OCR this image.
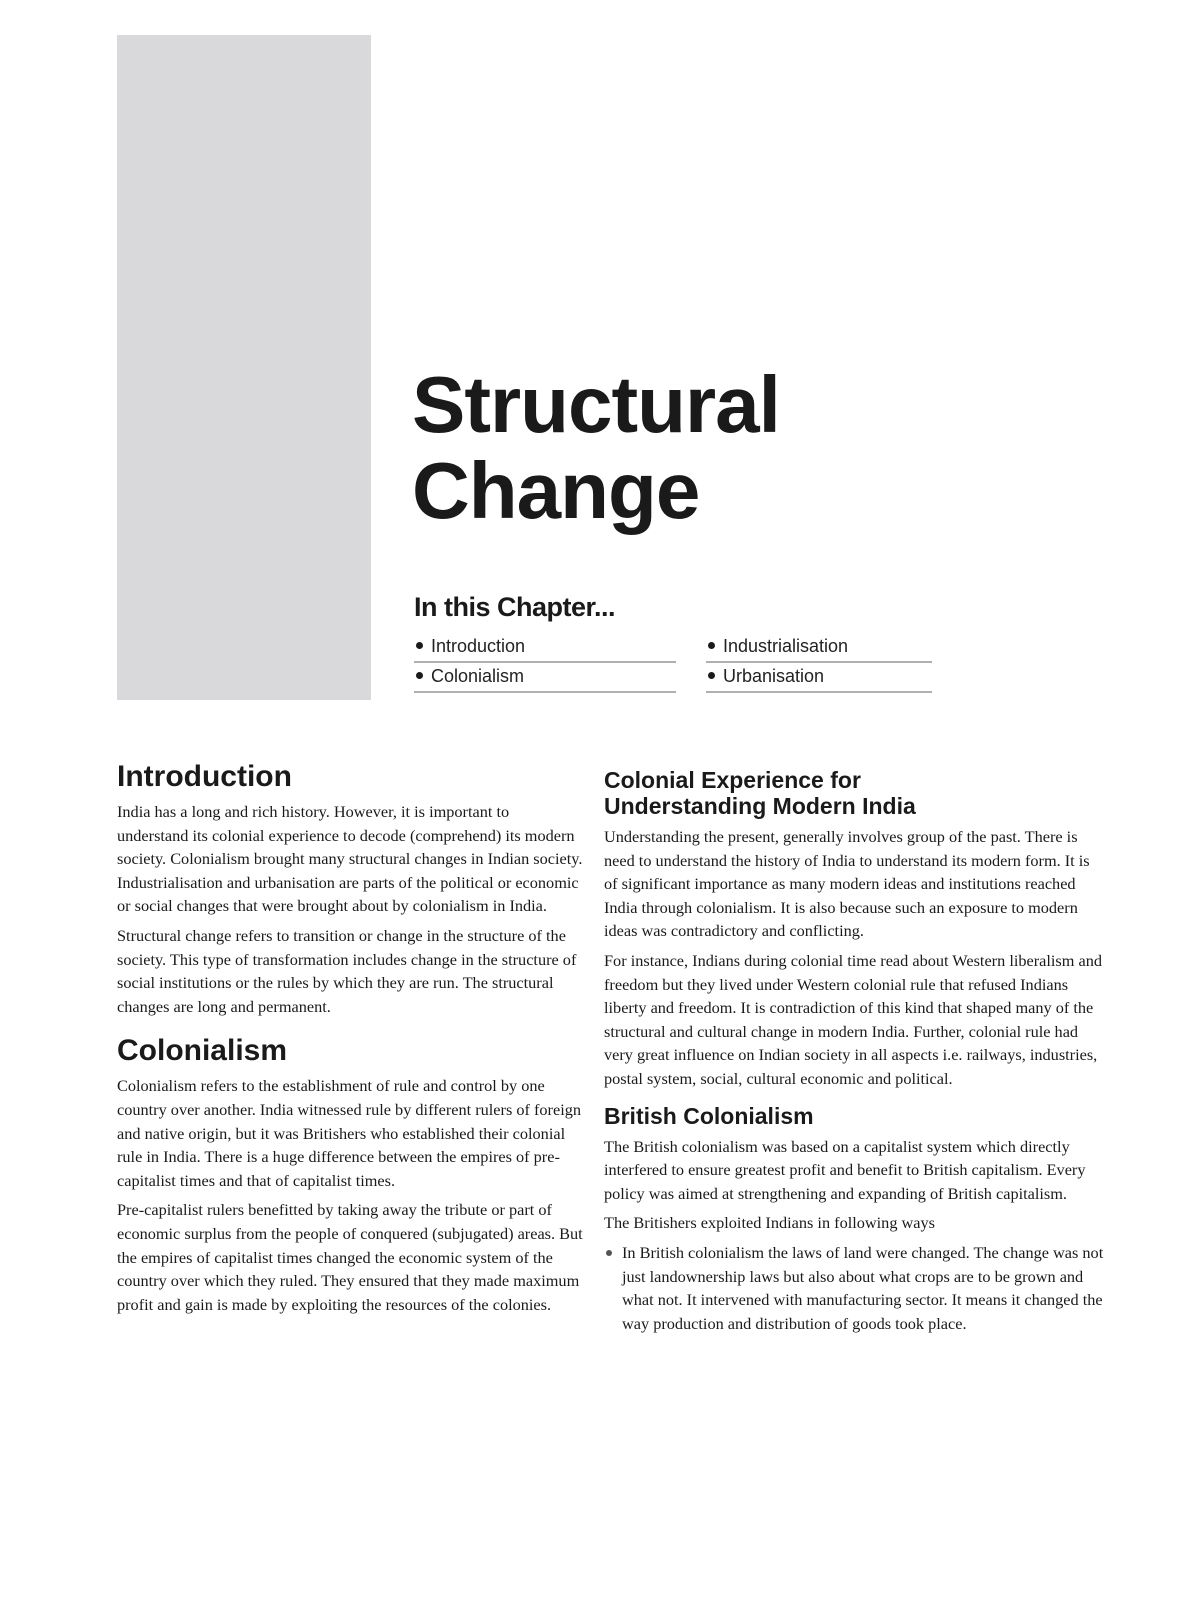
Structural
Change
In this Chapter...
Introduction
Colonialism
Industrialisation
Urbanisation
Introduction

India has a long and rich history. However, it is important to understand its colonial experience to decode (comprehend) its modern society. Colonialism brought many structural changes in Indian society. Industrialisation and urbanisation are parts of the political or economic or social changes that were brought about by colonialism in India.

Structural change refers to transition or change in the structure of the society. This type of transformation includes change in the structure of social institutions or the rules by which they are run. The structural changes are long and permanent.

Colonialism

Colonialism refers to the establishment of rule and control by one country over another. India witnessed rule by different rulers of foreign and native origin, but it was Britishers who established their colonial rule in India. There is a huge difference between the empires of pre-capitalist times and that of capitalist times.

Pre-capitalist rulers benefitted by taking away the tribute or part of economic surplus from the people of conquered (subjugated) areas. But the empires of capitalist times changed the economic system of the country over which they ruled. They ensured that they made maximum profit and gain is made by exploiting the resources of the colonies.

Colonial Experience for
Understanding Modern India

Understanding the present, generally involves group of the past. There is need to understand the history of India to understand its modern form. It is of significant importance as many modern ideas and institutions reached India through colonialism. It is also because such an exposure to modern ideas was contradictory and conflicting.

For instance, Indians during colonial time read about Western liberalism and freedom but they lived under Western colonial rule that refused Indians liberty and freedom. It is contradiction of this kind that shaped many of the structural and cultural change in modern India. Further, colonial rule had very great influence on Indian society in all aspects i.e. railways, industries, postal system, social, cultural economic and political.

British Colonialism

The British colonialism was based on a capitalist system which directly interfered to ensure greatest profit and benefit to British capitalism. Every policy was aimed at strengthening and expanding of British capitalism.

The Britishers exploited Indians in following ways

In British colonialism the laws of land were changed. The change was not just landownership laws but also about what crops are to be grown and what not. It intervened with manufacturing sector. It means it changed the way production and distribution of goods took place.
